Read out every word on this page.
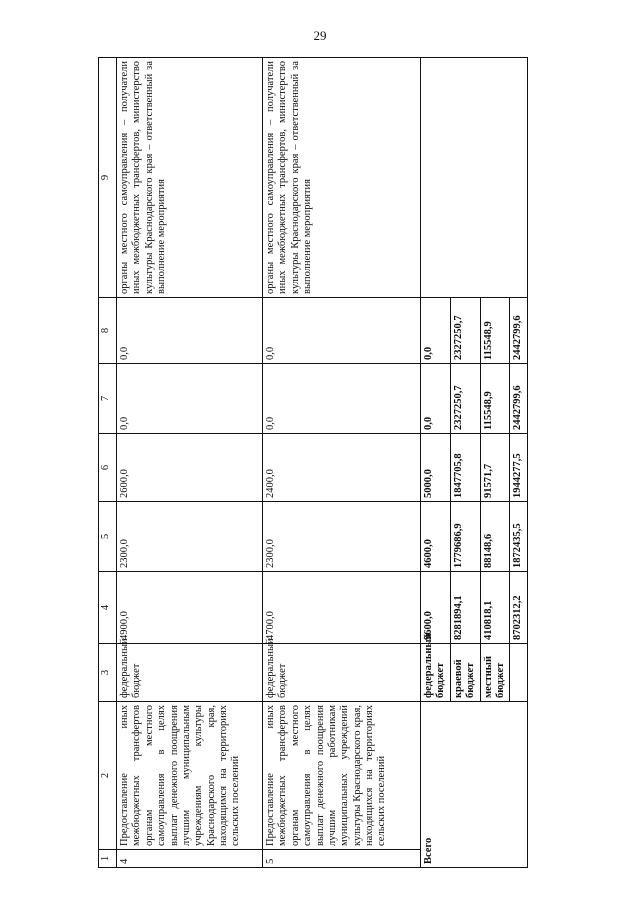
29
1	2	3	4	5	6	7	8	9
4	Предоставление иных межбюджетных трансфертов органам местного самоуправления в целях выплат денежного поощрения лучшим муниципальным учреждениям культуры Краснодарского края, находящимся на территориях сельских поселений	федеральный бюджет	4900,0	2300,0	2600,0	0,0	0,0	органы местного самоуправления – получатели иных межбюджетных трансфертов, министерство культуры Краснодарского края – ответственный за выполнение мероприятия
5	Предоставление иных межбюджетных трансфертов органам местного самоуправления в целях выплат денежного поощрения лучшим работникам муниципальных учреждений культуры Краснодарского края, находящихся на территориях сельских поселений	федеральный бюджет	4700,0	2300,0	2400,0	0,0	0,0	органы местного самоуправления – получатели иных межбюджетных трансфертов, министерство культуры Краснодарского края – ответственный за выполнение мероприятия
Всего		федеральный бюджет	9600,0	4600,0	5000,0	0,0	0,0	
		краевой бюджет	8281894,1	1779686,9	1847705,8	2327250,7	2327250,7	
		местный бюджет	410818,1	88148,6	91571,7	115548,9	115548,9	
			8702312,2	1872435,5	1944277,5	2442799,6	2442799,6	
